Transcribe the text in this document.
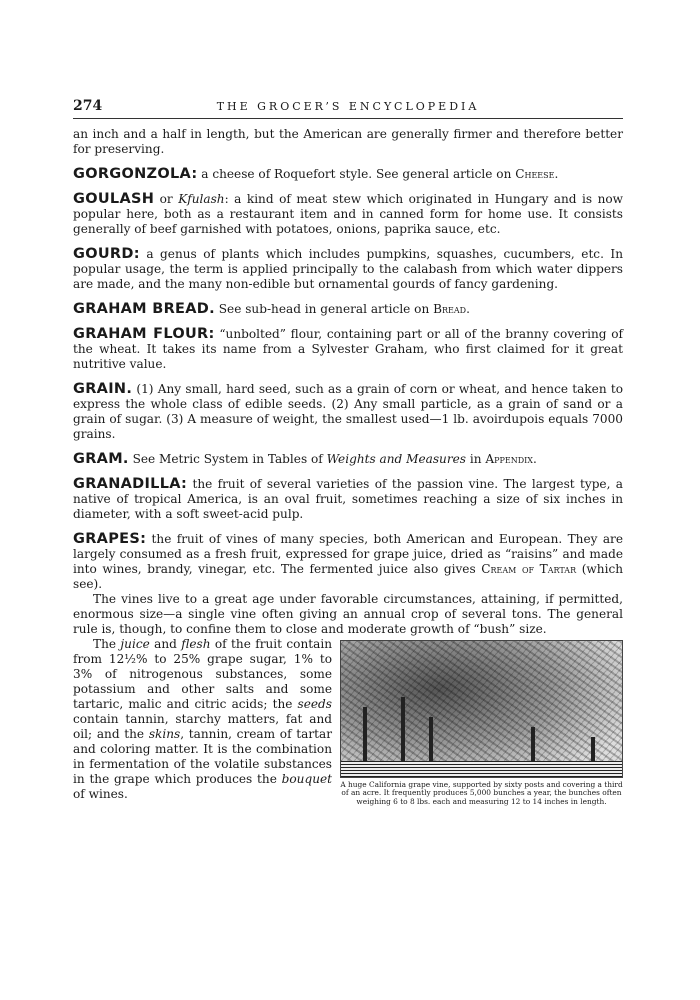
274	THE GROCER’S ENCYCLOPEDIA

an inch and a half in length, but the American are generally firmer and therefore better for preserving.

GORGONZOLA: a cheese of Roquefort style. See general article on Cheese.

GOULASH or Kfulash: a kind of meat stew which originated in Hungary and is now popular here, both as a restaurant item and in canned form for home use. It consists generally of beef garnished with potatoes, onions, paprika sauce, etc.

GOURD: a genus of plants which includes pumpkins, squashes, cucumbers, etc. In popular usage, the term is applied principally to the calabash from which water dippers are made, and the many non-edible but ornamental gourds of fancy gardening.

GRAHAM BREAD. See sub-head in general article on Bread.

GRAHAM FLOUR: “unbolted” flour, containing part or all of the branny covering of the wheat. It takes its name from a Sylvester Graham, who first claimed for it great nutritive value.

GRAIN. (1) Any small, hard seed, such as a grain of corn or wheat, and hence taken to express the whole class of edible seeds. (2) Any small particle, as a grain of sand or a grain of sugar. (3) A measure of weight, the smallest used—1 lb. avoirdupois equals 7000 grains.

GRAM. See Metric System in Tables of Weights and Measures in Appendix.

GRANADILLA: the fruit of several varieties of the passion vine. The largest type, a native of tropical America, is an oval fruit, sometimes reaching a size of six inches in diameter, with a soft sweet-acid pulp.

GRAPES: the fruit of vines of many species, both American and European. They are largely consumed as a fresh fruit, expressed for grape juice, dried as “raisins” and made into wines, brandy, vinegar, etc. The fermented juice also gives Cream of Tartar (which see).

The vines live to a great age under favorable circumstances, attaining, if permitted, enormous size—a single vine often giving an annual crop of several tons. The general rule is, though, to confine them to close and moderate growth of “bush” size.

A huge California grape vine, supported by sixty posts and covering a third of an acre. It frequently produces 5,000 bunches a year, the bunches often weighing 6 to 8 lbs. each and measuring 12 to 14 inches in length.

The juice and flesh of the fruit contain from 12½% to 25% grape sugar, 1% to 3% of nitrogenous substances, some potassium and other salts and some tartaric, malic and citric acids; the seeds contain tannin, starchy matters, fat and oil; and the skins, tannin, cream of tartar and coloring matter. It is the combination in fermentation of the volatile substances in the grape which produces the bouquet of wines.
